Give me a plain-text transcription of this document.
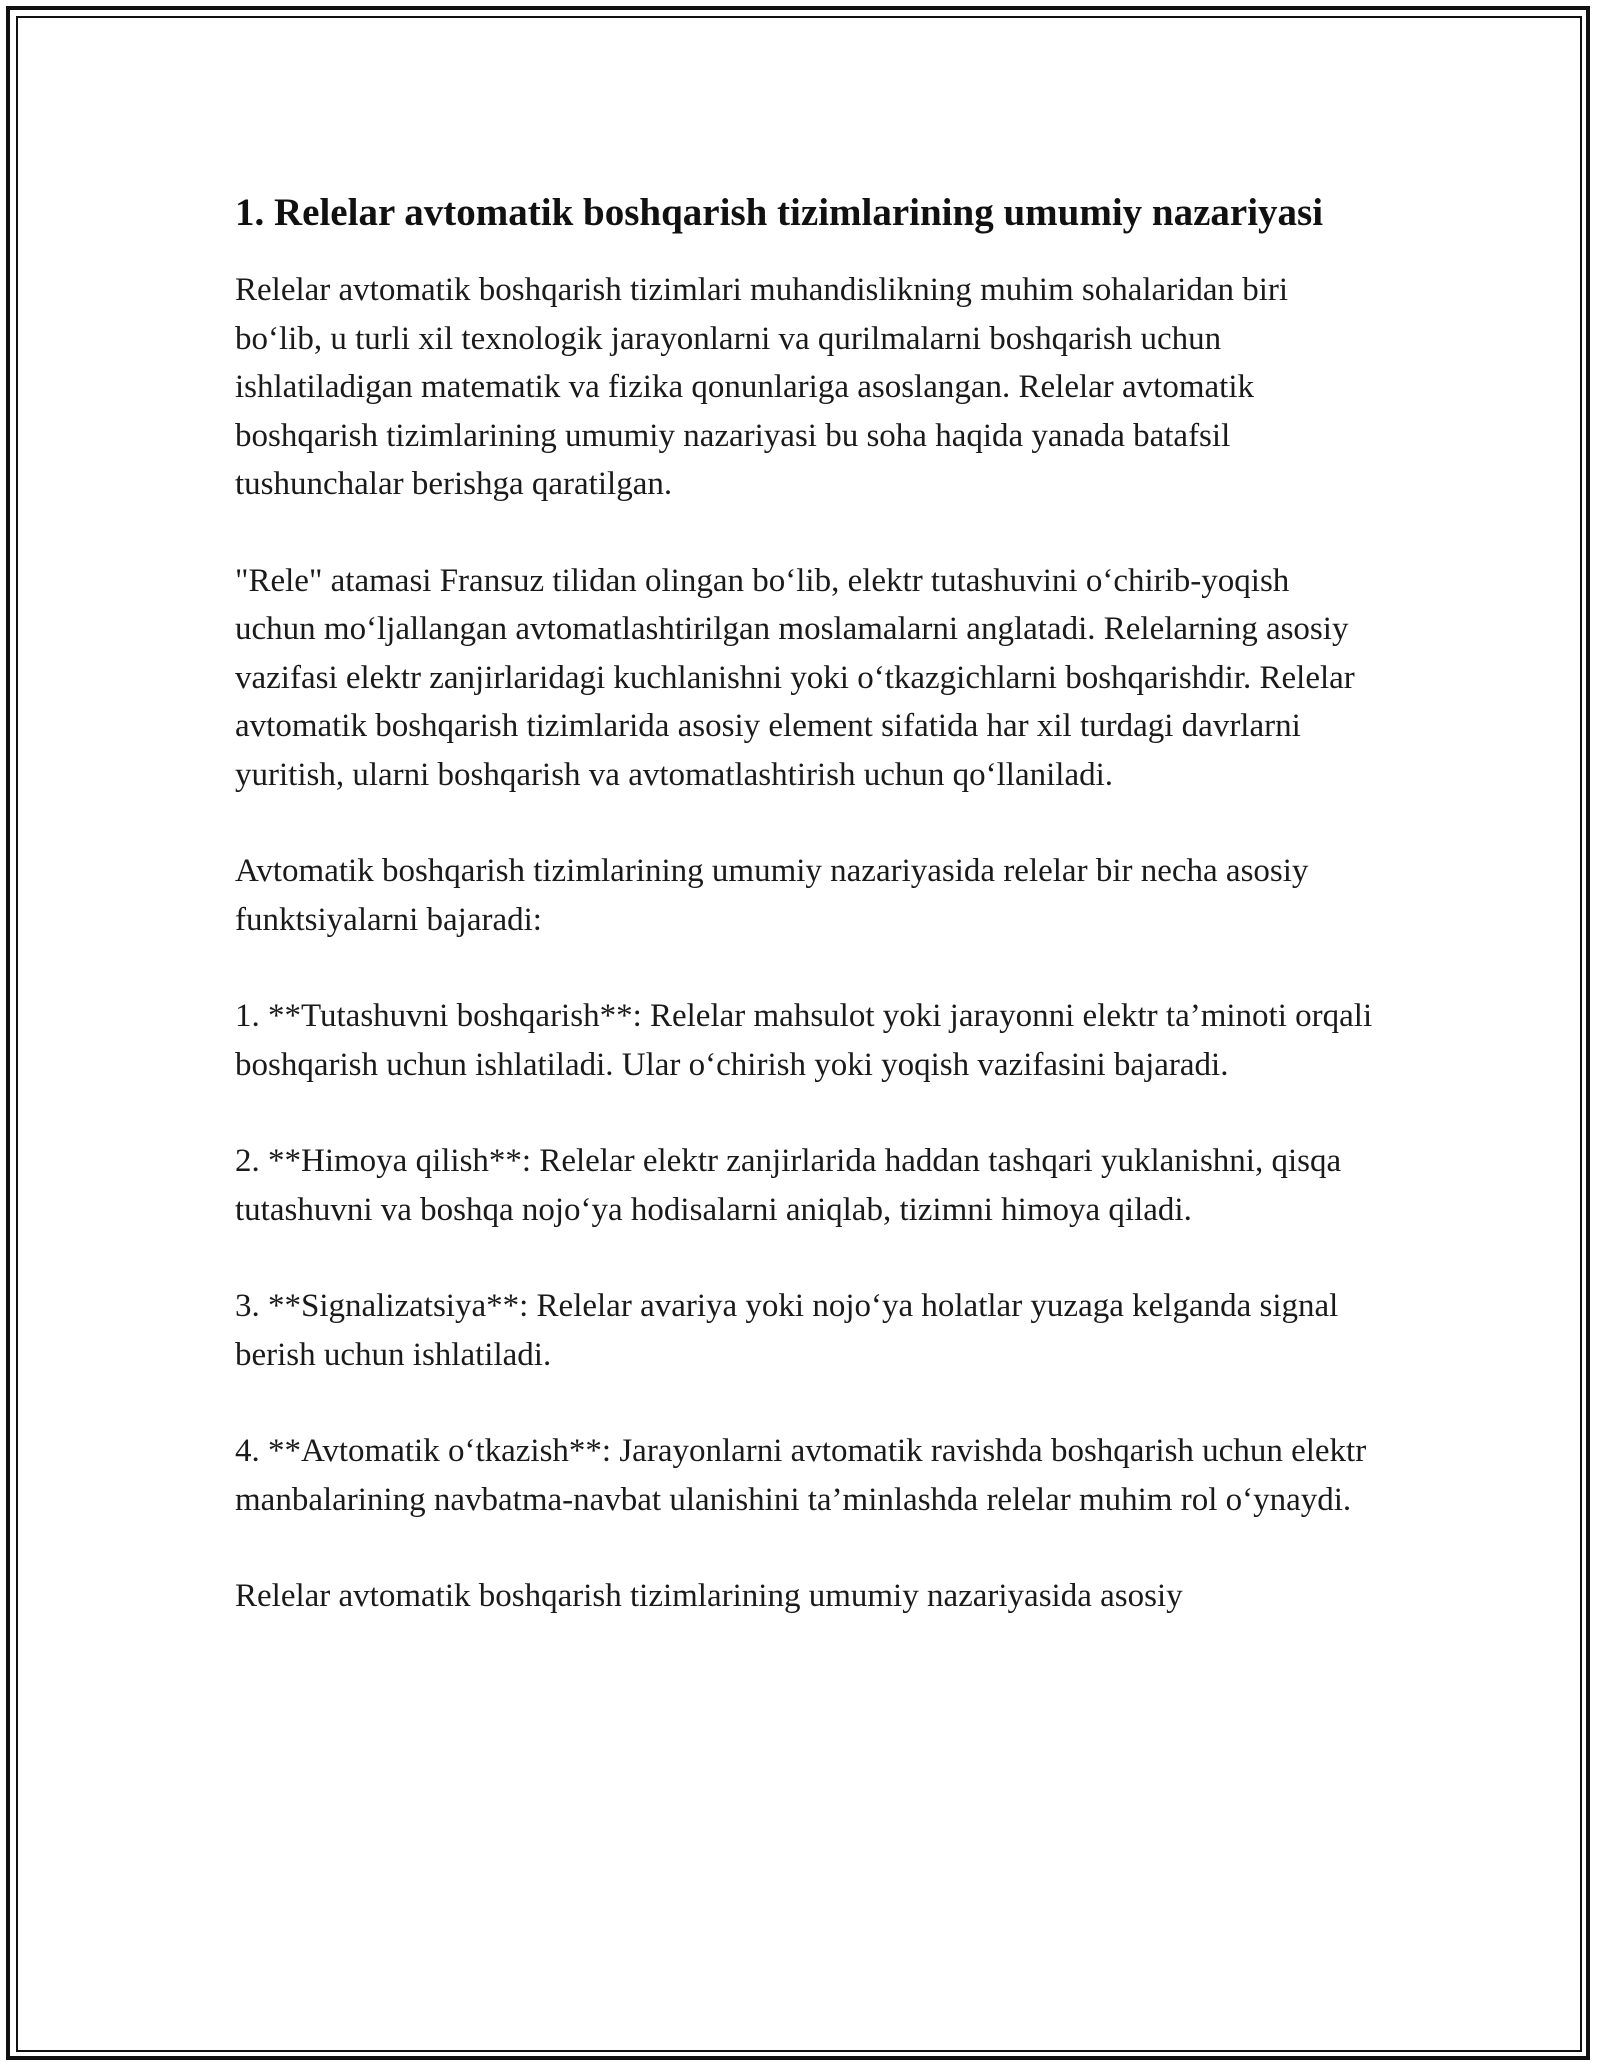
1. Relelar avtomatik boshqarish tizimlarining umumiy nazariyasi

Relelar avtomatik boshqarish tizimlari muhandislikning muhim sohalaridan biri bo‘lib, u turli xil texnologik jarayonlarni va qurilmalarni boshqarish uchun ishlatiladigan matematik va fizika qonunlariga asoslangan. Relelar avtomatik boshqarish tizimlarining umumiy nazariyasi bu soha haqida yanada batafsil tushunchalar berishga qaratilgan.

"Rele" atamasi Fransuz tilidan olingan bo‘lib, elektr tutashuvini o‘chirib-yoqish uchun mo‘ljallangan avtomatlashtirilgan moslamalarni anglatadi. Relelarning asosiy vazifasi elektr zanjirlaridagi kuchlanishni yoki o‘tkazgichlarni boshqarishdir. Relelar avtomatik boshqarish tizimlarida asosiy element sifatida har xil turdagi davrlarni yuritish, ularni boshqarish va avtomatlashtirish uchun qo‘llaniladi.

Avtomatik boshqarish tizimlarining umumiy nazariyasida relelar bir necha asosiy funktsiyalarni bajaradi:

1. **Tutashuvni boshqarish**: Relelar mahsulot yoki jarayonni elektr ta’minoti orqali boshqarish uchun ishlatiladi. Ular o‘chirish yoki yoqish vazifasini bajaradi.

2. **Himoya qilish**: Relelar elektr zanjirlarida haddan tashqari yuklanishni, qisqa tutashuvni va boshqa nojo‘ya hodisalarni aniqlab, tizimni himoya qiladi.

3. **Signalizatsiya**: Relelar avariya yoki nojo‘ya holatlar yuzaga kelganda signal berish uchun ishlatiladi.

4. **Avtomatik o‘tkazish**: Jarayonlarni avtomatik ravishda boshqarish uchun elektr manbalarining navbatma-navbat ulanishini ta’minlashda relelar muhim rol o‘ynaydi.

Relelar avtomatik boshqarish tizimlarining umumiy nazariyasida asosiy
